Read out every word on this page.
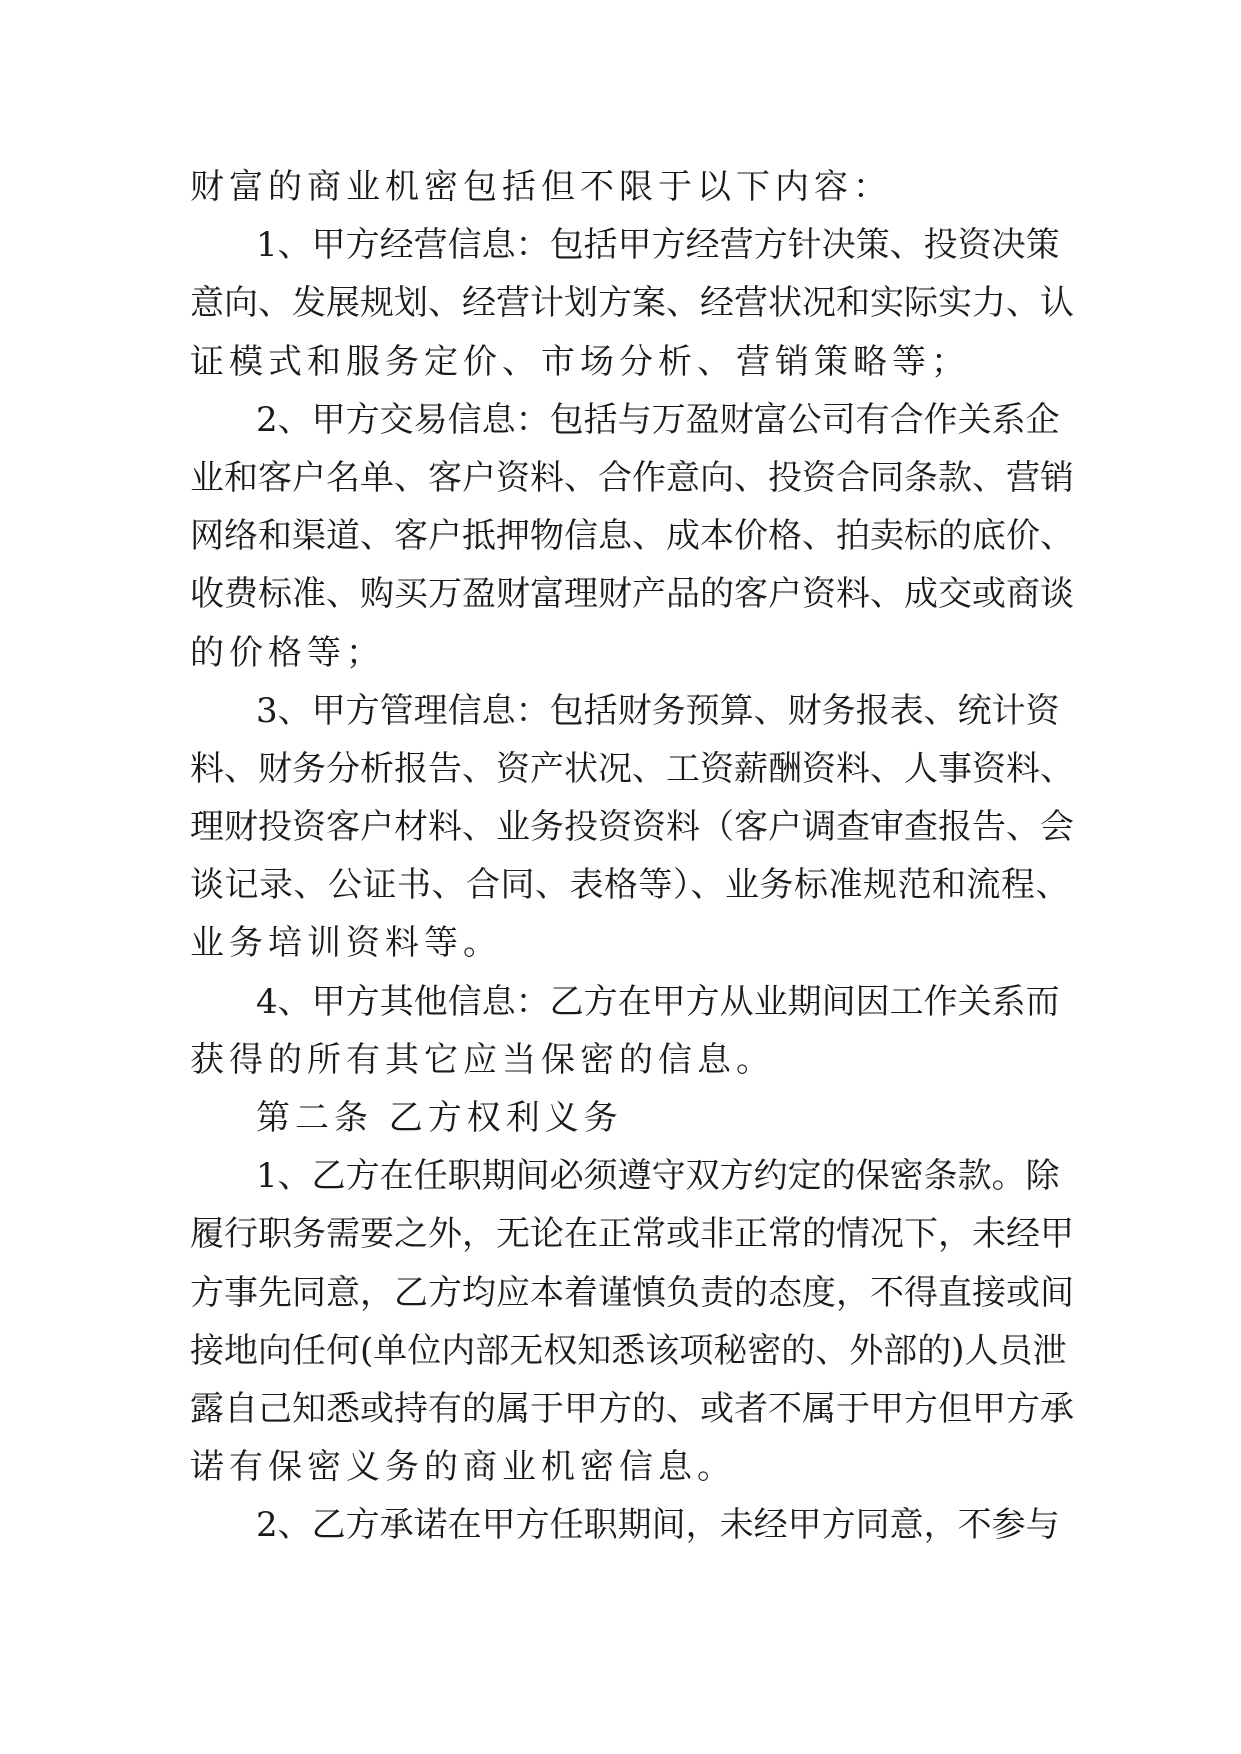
财富的商业机密包括但不限于以下内容：
1、甲方经营信息：包括甲方经营方针决策、投资决策
意向、发展规划、经营计划方案、经营状况和实际实力、认
证模式和服务定价、市场分析、营销策略等；
2、甲方交易信息：包括与万盈财富公司有合作关系企
业和客户名单、客户资料、合作意向、投资合同条款、营销
网络和渠道、客户抵押物信息、成本价格、拍卖标的底价、
收费标准、购买万盈财富理财产品的客户资料、成交或商谈
的价格等；
3、甲方管理信息：包括财务预算、财务报表、统计资
料、财务分析报告、资产状况、工资薪酬资料、人事资料、
理财投资客户材料、业务投资资料（客户调查审查报告、会
谈记录、公证书、合同、表格等）、业务标准规范和流程、
业务培训资料等。
4、甲方其他信息：乙方在甲方从业期间因工作关系而
获得的所有其它应当保密的信息。
第二条 乙方权利义务
1、乙方在任职期间必须遵守双方约定的保密条款。除
履行职务需要之外，无论在正常或非正常的情况下，未经甲
方事先同意，乙方均应本着谨慎负责的态度，不得直接或间
接地向任何(单位内部无权知悉该项秘密的、外部的)人员泄
露自己知悉或持有的属于甲方的、或者不属于甲方但甲方承
诺有保密义务的商业机密信息。
2、乙方承诺在甲方任职期间，未经甲方同意，不参与
